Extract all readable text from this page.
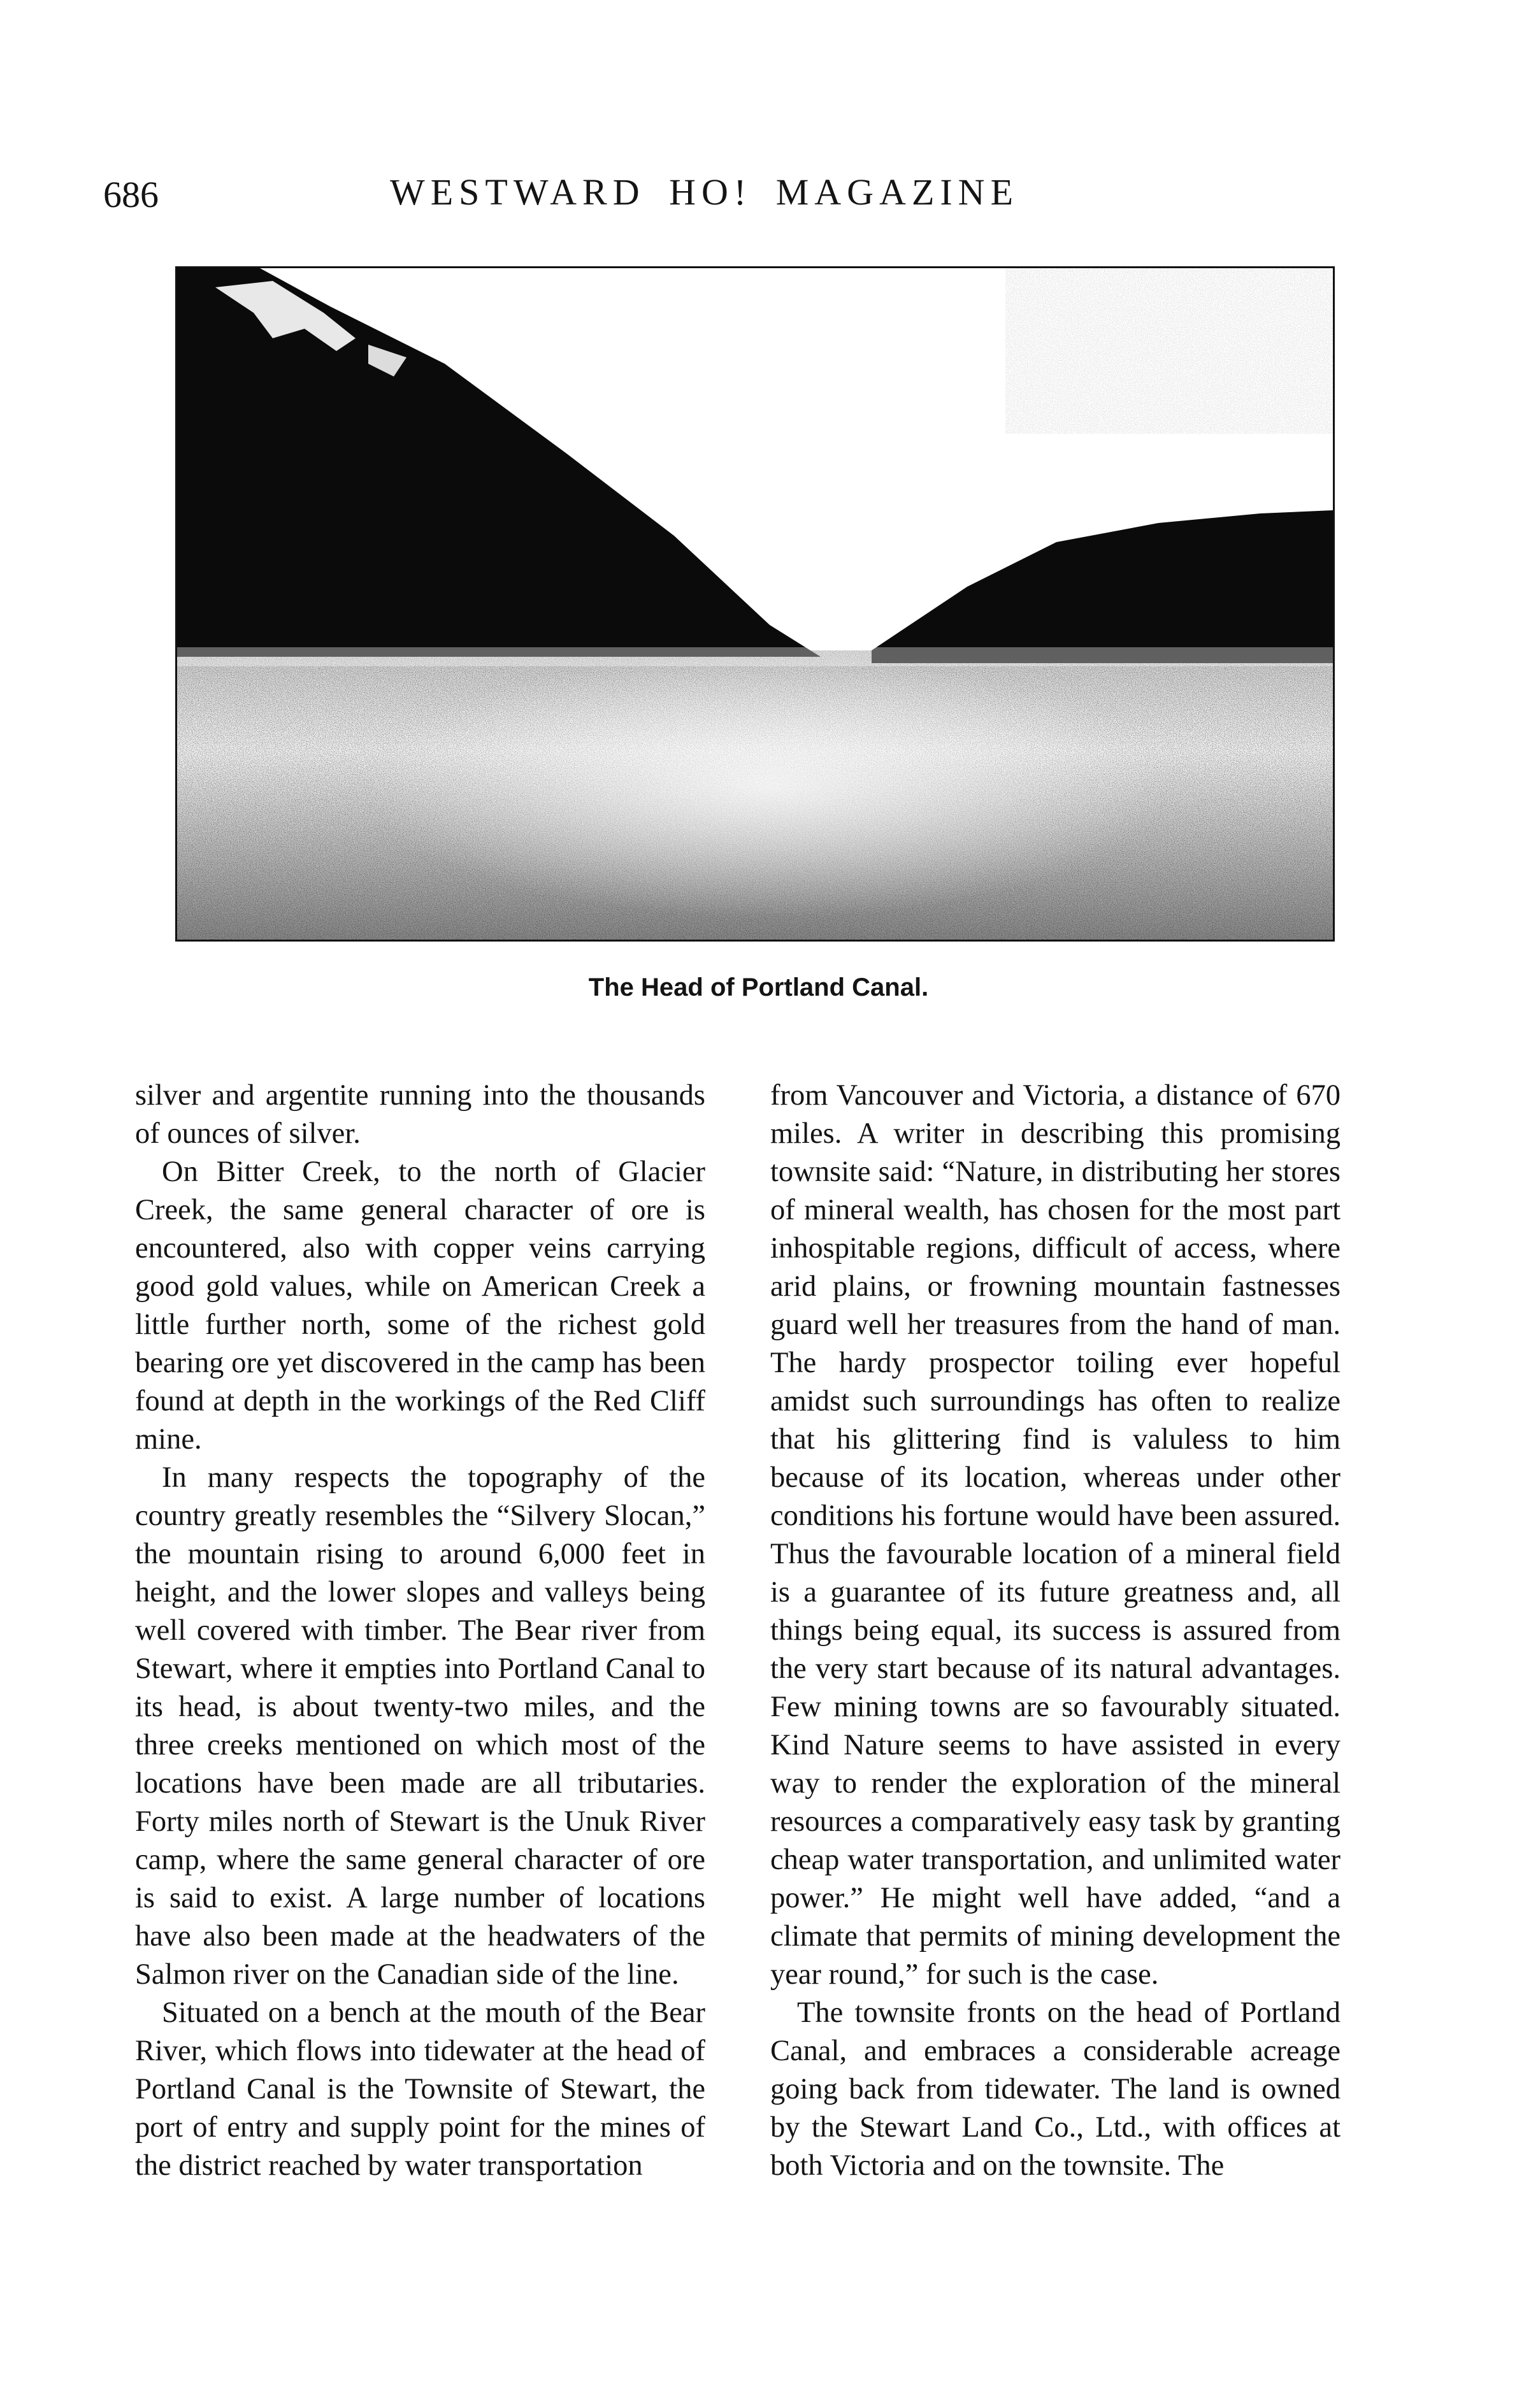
686	WESTWARD HO! MAGAZINE
The Head of Portland Canal.

silver and argentite running into the thousands of ounces of silver.

On Bitter Creek, to the north of Glacier Creek, the same general character of ore is encountered, also with copper veins carrying good gold values, while on American Creek a little further north, some of the richest gold bearing ore yet discovered in the camp has been found at depth in the workings of the Red Cliff mine.

In many respects the topography of the country greatly resembles the “Silvery Slocan,” the mountain rising to around 6,000 feet in height, and the lower slopes and valleys being well covered with timber. The Bear river from Stewart, where it empties into Portland Canal to its head, is about twenty-two miles, and the three creeks mentioned on which most of the locations have been made are all tributaries. Forty miles north of Stewart is the Unuk River camp, where the same general character of ore is said to exist. A large number of locations have also been made at the headwaters of the Salmon river on the Canadian side of the line.

Situated on a bench at the mouth of the Bear River, which flows into tidewater at the head of Portland Canal is the Townsite of Stewart, the port of entry and supply point for the mines of the district reached by water transportation

from Vancouver and Victoria, a distance of 670 miles. A writer in describing this promising townsite said: “Nature, in distributing her stores of mineral wealth, has chosen for the most part inhospitable regions, difficult of access, where arid plains, or frowning mountain fastnesses guard well her treasures from the hand of man. The hardy prospector toiling ever hopeful amidst such surroundings has often to realize that his glittering find is valuless to him because of its location, whereas under other conditions his fortune would have been assured. Thus the favourable location of a mineral field is a guarantee of its future greatness and, all things being equal, its success is assured from the very start because of its natural advantages. Few mining towns are so favourably situated. Kind Nature seems to have assisted in every way to render the exploration of the mineral resources a comparatively easy task by granting cheap water transportation, and unlimited water power.” He might well have added, “and a climate that permits of mining development the year round,” for such is the case.

The townsite fronts on the head of Portland Canal, and embraces a considerable acreage going back from tidewater. The land is owned by the Stewart Land Co., Ltd., with offices at both Victoria and on the townsite. The
